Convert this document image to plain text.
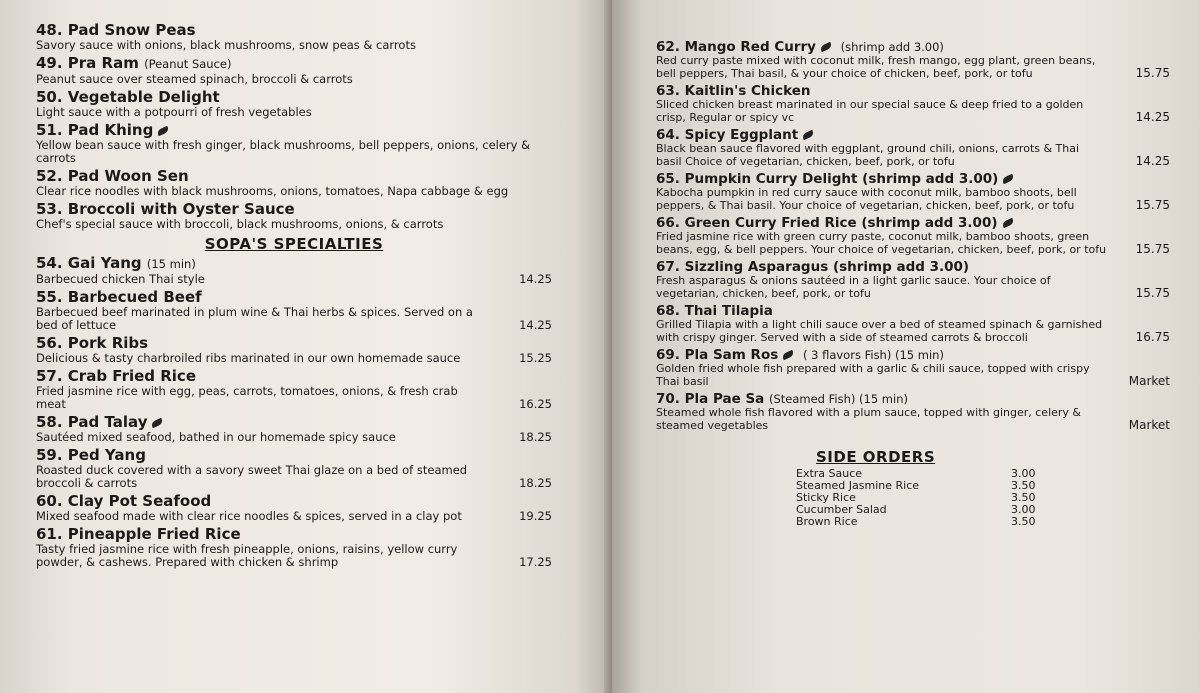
48. Pad Snow Peas
Savory sauce with onions, black mushrooms, snow peas & carrots
49. Pra Ram (Peanut Sauce)
Peanut sauce over steamed spinach, broccoli & carrots
50. Vegetable Delight
Light sauce with a potpourri of fresh vegetables
51. Pad Khing
Yellow bean sauce with fresh ginger, black mushrooms, bell peppers, onions, celery & carrots
52. Pad Woon Sen
Clear rice noodles with black mushrooms, onions, tomatoes, Napa cabbage & egg
53. Broccoli with Oyster Sauce
Chef's special sauce with broccoli, black mushrooms, onions, & carrots
SOPA'S SPECIALTIES
54. Gai Yang (15 min)
Barbecued chicken Thai style	14.25
55. Barbecued Beef
Barbecued beef marinated in plum wine & Thai herbs & spices. Served on a bed of lettuce	14.25
56. Pork Ribs
Delicious & tasty charbroiled ribs marinated in our own homemade sauce	15.25
57. Crab Fried Rice
Fried jasmine rice with egg, peas, carrots, tomatoes, onions, & fresh crab meat	16.25
58. Pad Talay
Sautéed mixed seafood, bathed in our homemade spicy sauce	18.25
59. Ped Yang
Roasted duck covered with a savory sweet Thai glaze on a bed of steamed broccoli & carrots	18.25
60. Clay Pot Seafood
Mixed seafood made with clear rice noodles & spices, served in a clay pot	19.25
61. Pineapple Fried Rice
Tasty fried jasmine rice with fresh pineapple, onions, raisins, yellow curry powder, & cashews. Prepared with chicken & shrimp	17.25
62. Mango Red Curry (shrimp add 3.00)
Red curry paste mixed with coconut milk, fresh mango, egg plant, green beans, bell peppers, Thai basil, & your choice of chicken, beef, pork, or tofu	15.75
63. Kaitlin's Chicken
Sliced chicken breast marinated in our special sauce & deep fried to a golden crisp, Regular or spicy vc	14.25
64. Spicy Eggplant
Black bean sauce flavored with eggplant, ground chili, onions, carrots & Thai basil Choice of vegetarian, chicken, beef, pork, or tofu	14.25
65. Pumpkin Curry Delight (shrimp add 3.00)
Kabocha pumpkin in red curry sauce with coconut milk, bamboo shoots, bell peppers, & Thai basil. Your choice of vegetarian, chicken, beef, pork, or tofu	15.75
66. Green Curry Fried Rice (shrimp add 3.00)
Fried jasmine rice with green curry paste, coconut milk, bamboo shoots, green beans, egg, & bell peppers. Your choice of vegetarian, chicken, beef, pork, or tofu	15.75
67. Sizzling Asparagus (shrimp add 3.00)
Fresh asparagus & onions sautéed in a light garlic sauce. Your choice of vegetarian, chicken, beef, pork, or tofu	15.75
68. Thai Tilapia
Grilled Tilapia with a light chili sauce over a bed of steamed spinach & garnished with crispy ginger. Served with a side of steamed carrots & broccoli	16.75
69. Pla Sam Ros ( 3 flavors Fish) (15 min)
Golden fried whole fish prepared with a garlic & chili sauce, topped with crispy Thai basil	Market
70. Pla Pae Sa (Steamed Fish) (15 min)
Steamed whole fish flavored with a plum sauce, topped with ginger, celery & steamed vegetables	Market
SIDE ORDERS
Extra Sauce	3.00
Steamed Jasmine Rice	3.50
Sticky Rice	3.50
Cucumber Salad	3.00
Brown Rice	3.50
